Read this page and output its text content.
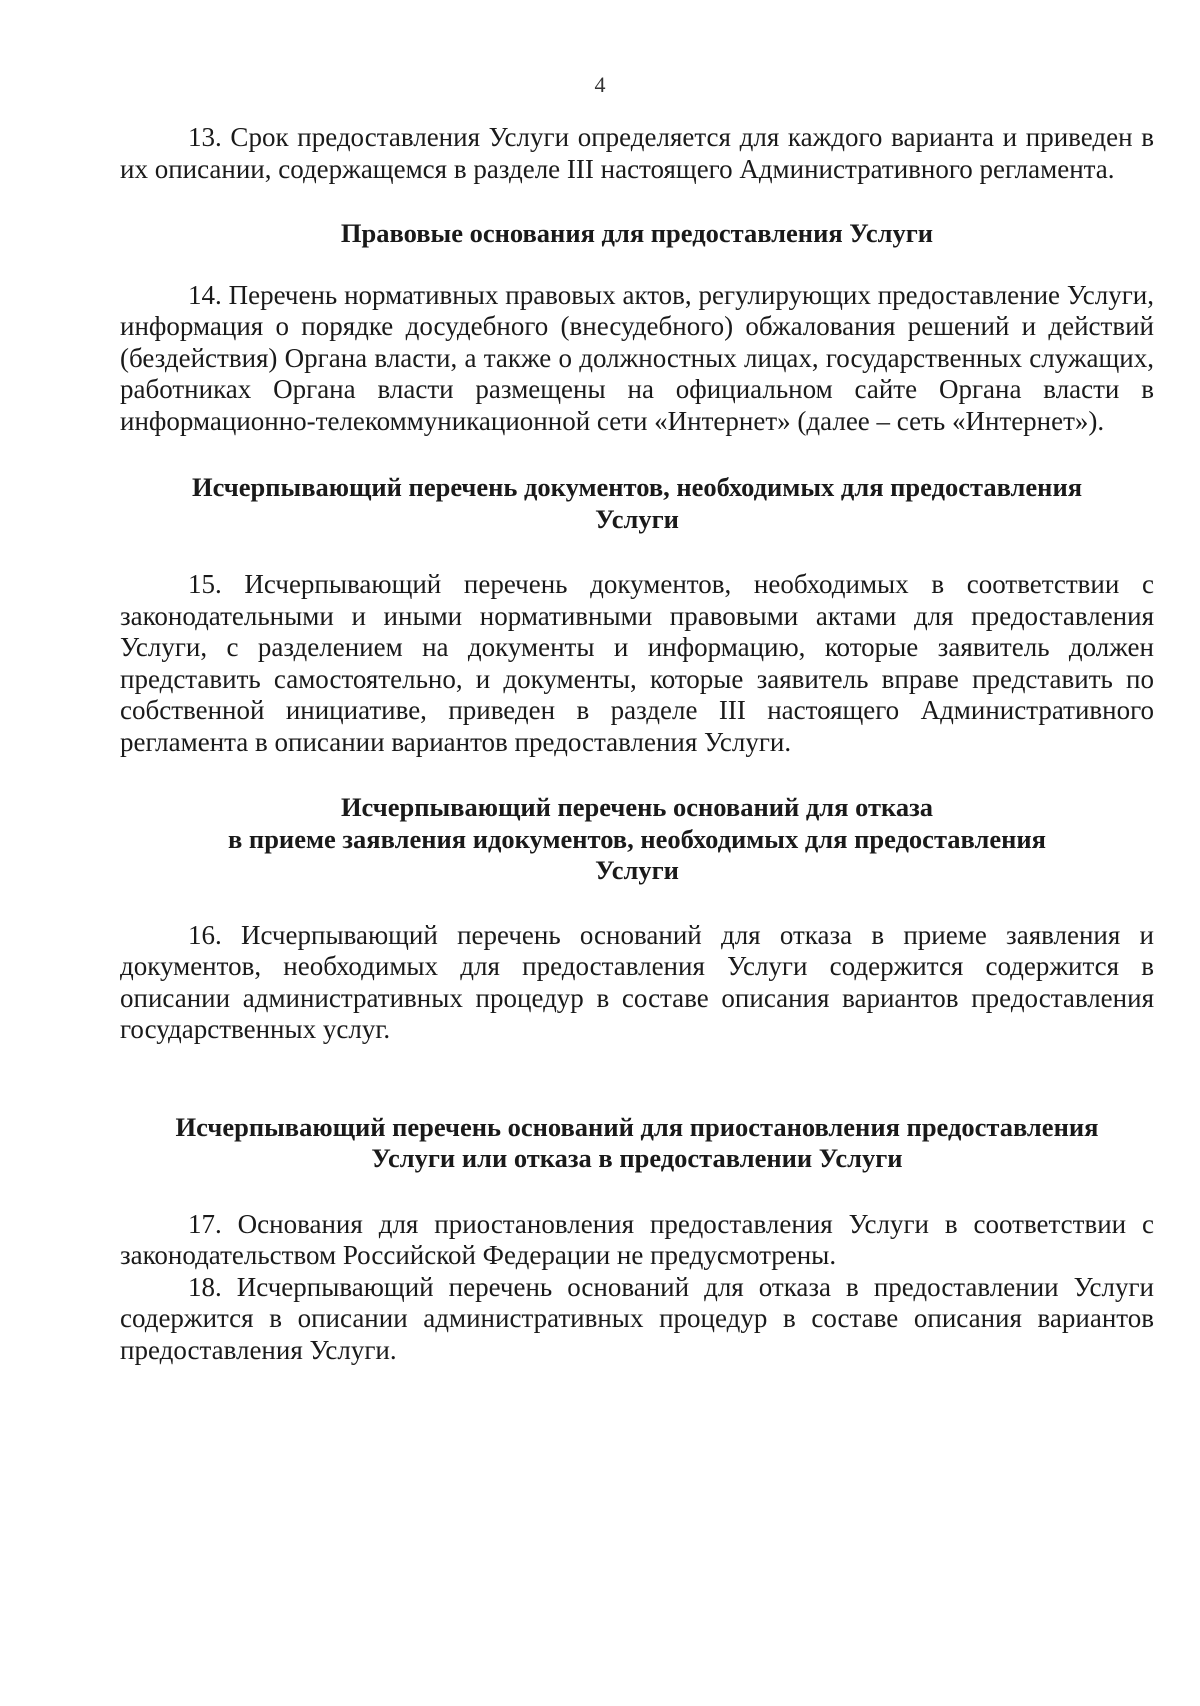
4

13. Срок предоставления Услуги определяется для каждого варианта и приведен в их описании, содержащемся в разделе III настоящего Административного регламента.

Правовые основания для предоставления Услуги

14. Перечень нормативных правовых актов, регулирующих предоставление Услуги, информация о порядке досудебного (внесудебного) обжалования решений и действий (бездействия) Органа власти, а также о должностных лицах, государственных служащих, работниках Органа власти размещены на официальном сайте Органа власти в информационно-телекоммуникационной сети «Интернет» (далее – сеть «Интернет»).

Исчерпывающий перечень документов, необходимых для предоставления
Услуги

15. Исчерпывающий перечень документов, необходимых в соответствии с законодательными и иными нормативными правовыми актами для предоставления Услуги, с разделением на документы и информацию, которые заявитель должен представить самостоятельно, и документы, которые заявитель вправе представить по собственной инициативе, приведен в разделе III настоящего Административного регламента в описании вариантов предоставления Услуги.

Исчерпывающий перечень оснований для отказа
в приеме заявления идокументов, необходимых для предоставления
Услуги

16. Исчерпывающий перечень оснований для отказа в приеме заявления и документов, необходимых для предоставления Услуги содержится содержится в описании административных процедур в составе описания вариантов предоставления государственных услуг.

Исчерпывающий перечень оснований для приостановления предоставления
Услуги или отказа в предоставлении Услуги

17. Основания для приостановления предоставления Услуги в соответствии с законодательством Российской Федерации не предусмотрены.

18. Исчерпывающий перечень оснований для отказа в предоставлении Услуги содержится в описании административных процедур в составе описания вариантов предоставления Услуги.
